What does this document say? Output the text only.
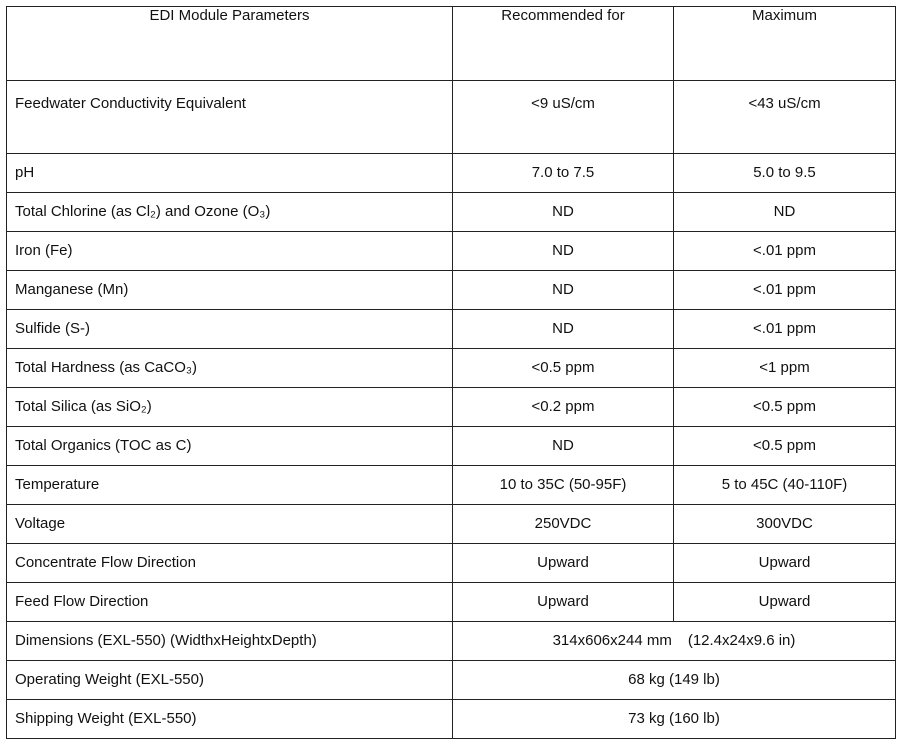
EDI Module Parameters	Recommended for	Maximum
Feedwater Conductivity Equivalent	<9 uS/cm	<43 uS/cm
pH	7.0 to 7.5	5.0 to 9.5
Total Chlorine (as Cl₂) and Ozone (O₃)	ND	ND
Iron (Fe)	ND	<.01 ppm
Manganese (Mn)	ND	<.01 ppm
Sulfide (S-)	ND	<.01 ppm
Total Hardness (as CaCO₃)	<0.5 ppm	<1 ppm
Total Silica (as SiO₂)	<0.2 ppm	<0.5 ppm
Total Organics (TOC as C)	ND	<0.5 ppm
Temperature	10 to 35C (50-95F)	5 to 45C (40-110F)
Voltage	250VDC	300VDC
Concentrate Flow Direction	Upward	Upward
Feed Flow Direction	Upward	Upward
Dimensions (EXL-550) (WidthxHeightxDepth)	314x606x244 mm (12.4x24x9.6 in)	
Operating Weight (EXL-550)	68 kg (149 lb)	
Shipping Weight (EXL-550)	73 kg (160 lb)	
